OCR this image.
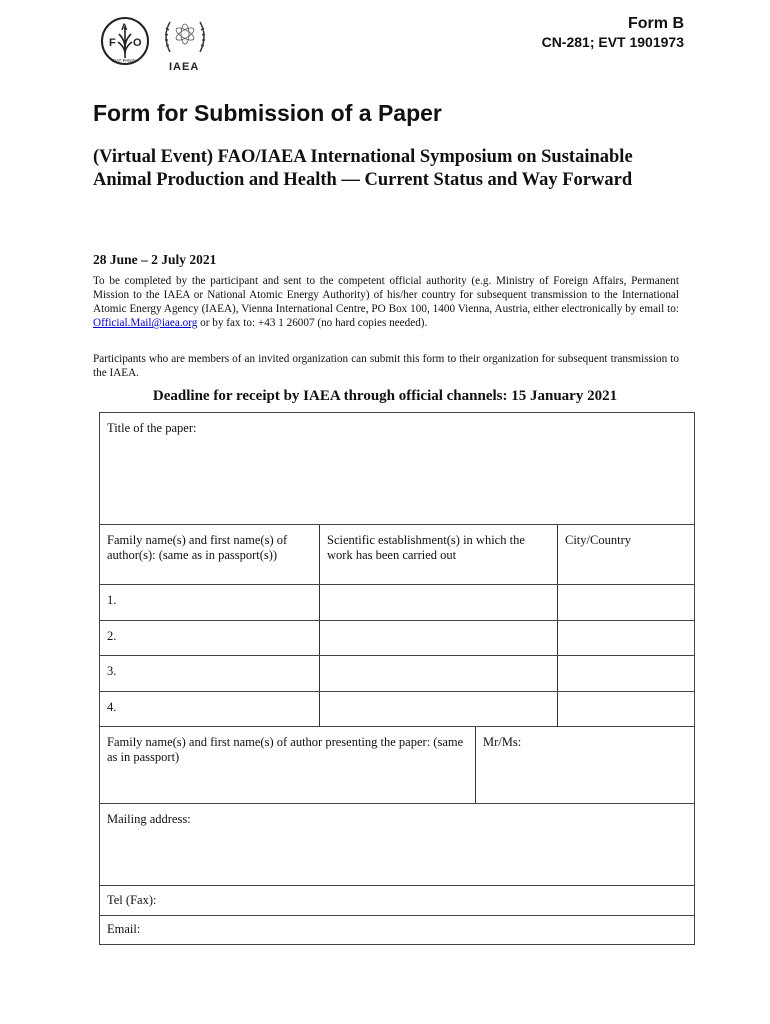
F
A
O
FIAT PANIS
IAEA
Form B
CN-281; EVT 1901973
Form for Submission of a Paper
(Virtual Event) FAO/IAEA International Symposium on Sustainable Animal Production and Health — Current Status and Way Forward
28 June – 2 July 2021
To be completed by the participant and sent to the competent official authority (e.g. Ministry of Foreign Affairs, Permanent Mission to the IAEA or National Atomic Energy Authority) of his/her country for subsequent transmission to the International Atomic Energy Agency (IAEA), Vienna International Centre, PO Box 100, 1400 Vienna, Austria, either electronically by email to: Official.Mail@iaea.org or by fax to: +43 1 26007 (no hard copies needed).
Participants who are members of an invited organization can submit this form to their organization for subsequent transmission to the IAEA.
Deadline for receipt by IAEA through official channels: 15 January 2021
Title of the paper:
Family name(s) and first name(s) of author(s): (same as in passport(s))
Scientific establishment(s) in which the work has been carried out
City/Country
1.
2.
3.
4.
Family name(s) and first name(s) of author presenting the paper: (same as in passport)
Mr/Ms:
Mailing address:
Tel (Fax):
Email:
